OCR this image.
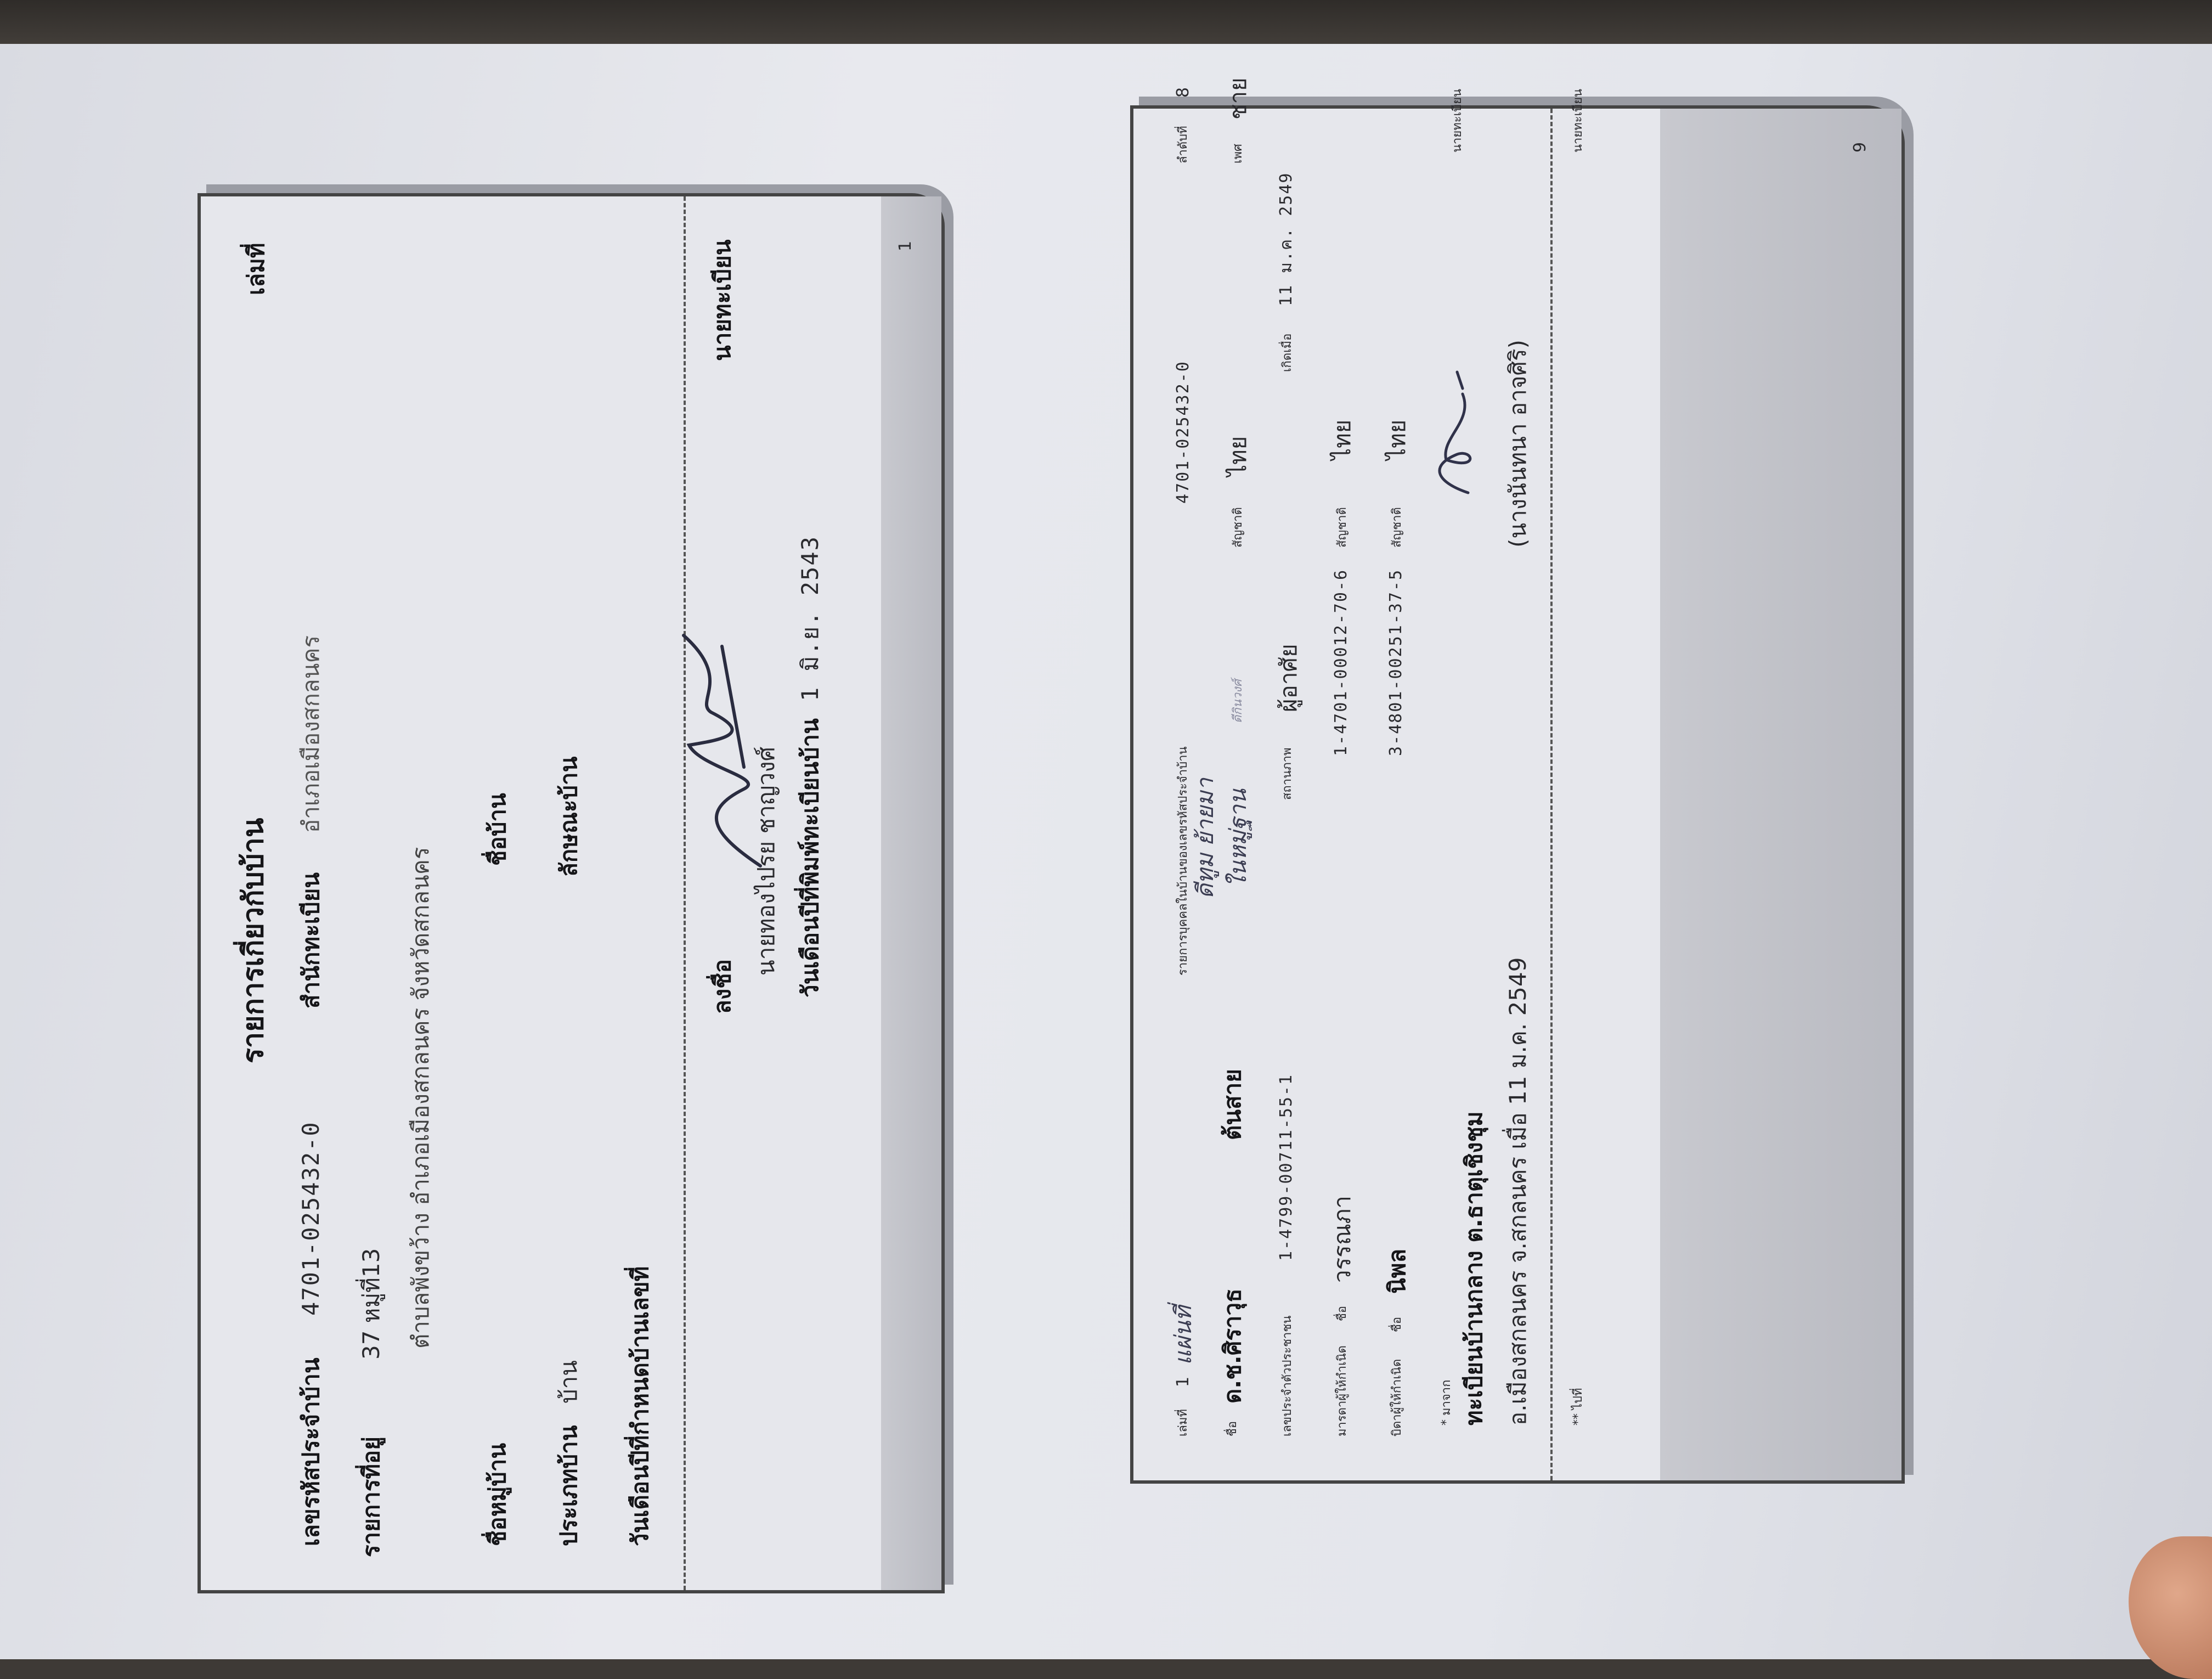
รายการเกี่ยวกับบ้าน
เล่มที่
เลขรหัสประจำบ้าน
4701-025432-0
สำนักทะเบียน
อำเภอเมืองสกลนคร
รายการที่อยู่
37 หมู่ที่13 ตำบลพังขว้าง อำเภอเมืองสกลนคร จังหวัดสกลนคร
ชื่อหมู่บ้าน
ชื่อบ้าน
ประเภทบ้าน
บ้าน
ลักษณะบ้าน
วันเดือนปีที่กำหนดบ้านเลขที่
ลงชื่อ
นายทะเบียน
นายทองไปรย ชาญวงศ์ วันเดือนปีที่พิมพ์ทะเบียนบ้าน
1 มิ.ย. 2543
1
เล่มที่
1
แผ่นที่
รายการบุคคลในบ้านของเลขรหัสประจำบ้าน
4701-025432-0
ลำดับที่
8
ชื่อ
ด.ช.ศิราวุธ
ต้นสาย
ดีทูม ย้ายมา ในหมู่ฐาน
ดีกินวงศ์
สัญชาติ
ไทย
เพศ
ชาย
เลขประจำตัวประชาชน
1-4799-00711-55-1
สถานภาพ
ผู้อาศัย
เกิดเมื่อ
11 ม.ค. 2549
มารดาผู้ให้กำเนิด
ชื่อ
วรรณภา
1-4701-00012-70-6
สัญชาติ
ไทย
บิดาผู้ให้กำเนิด
ชื่อ
นิพล
3-4801-00251-37-5
สัญชาติ
ไทย
* มาจาก ทะเบียนบ้านกลาง ต.ธาตุเชิงชุม อ.เมืองสกลนคร จ.สกลนคร เมื่อ 11 ม.ค. 2549
(นางนันทนา อาจศิริ)
นายทะเบียน
** ไปที่
นายทะเบียน	9
